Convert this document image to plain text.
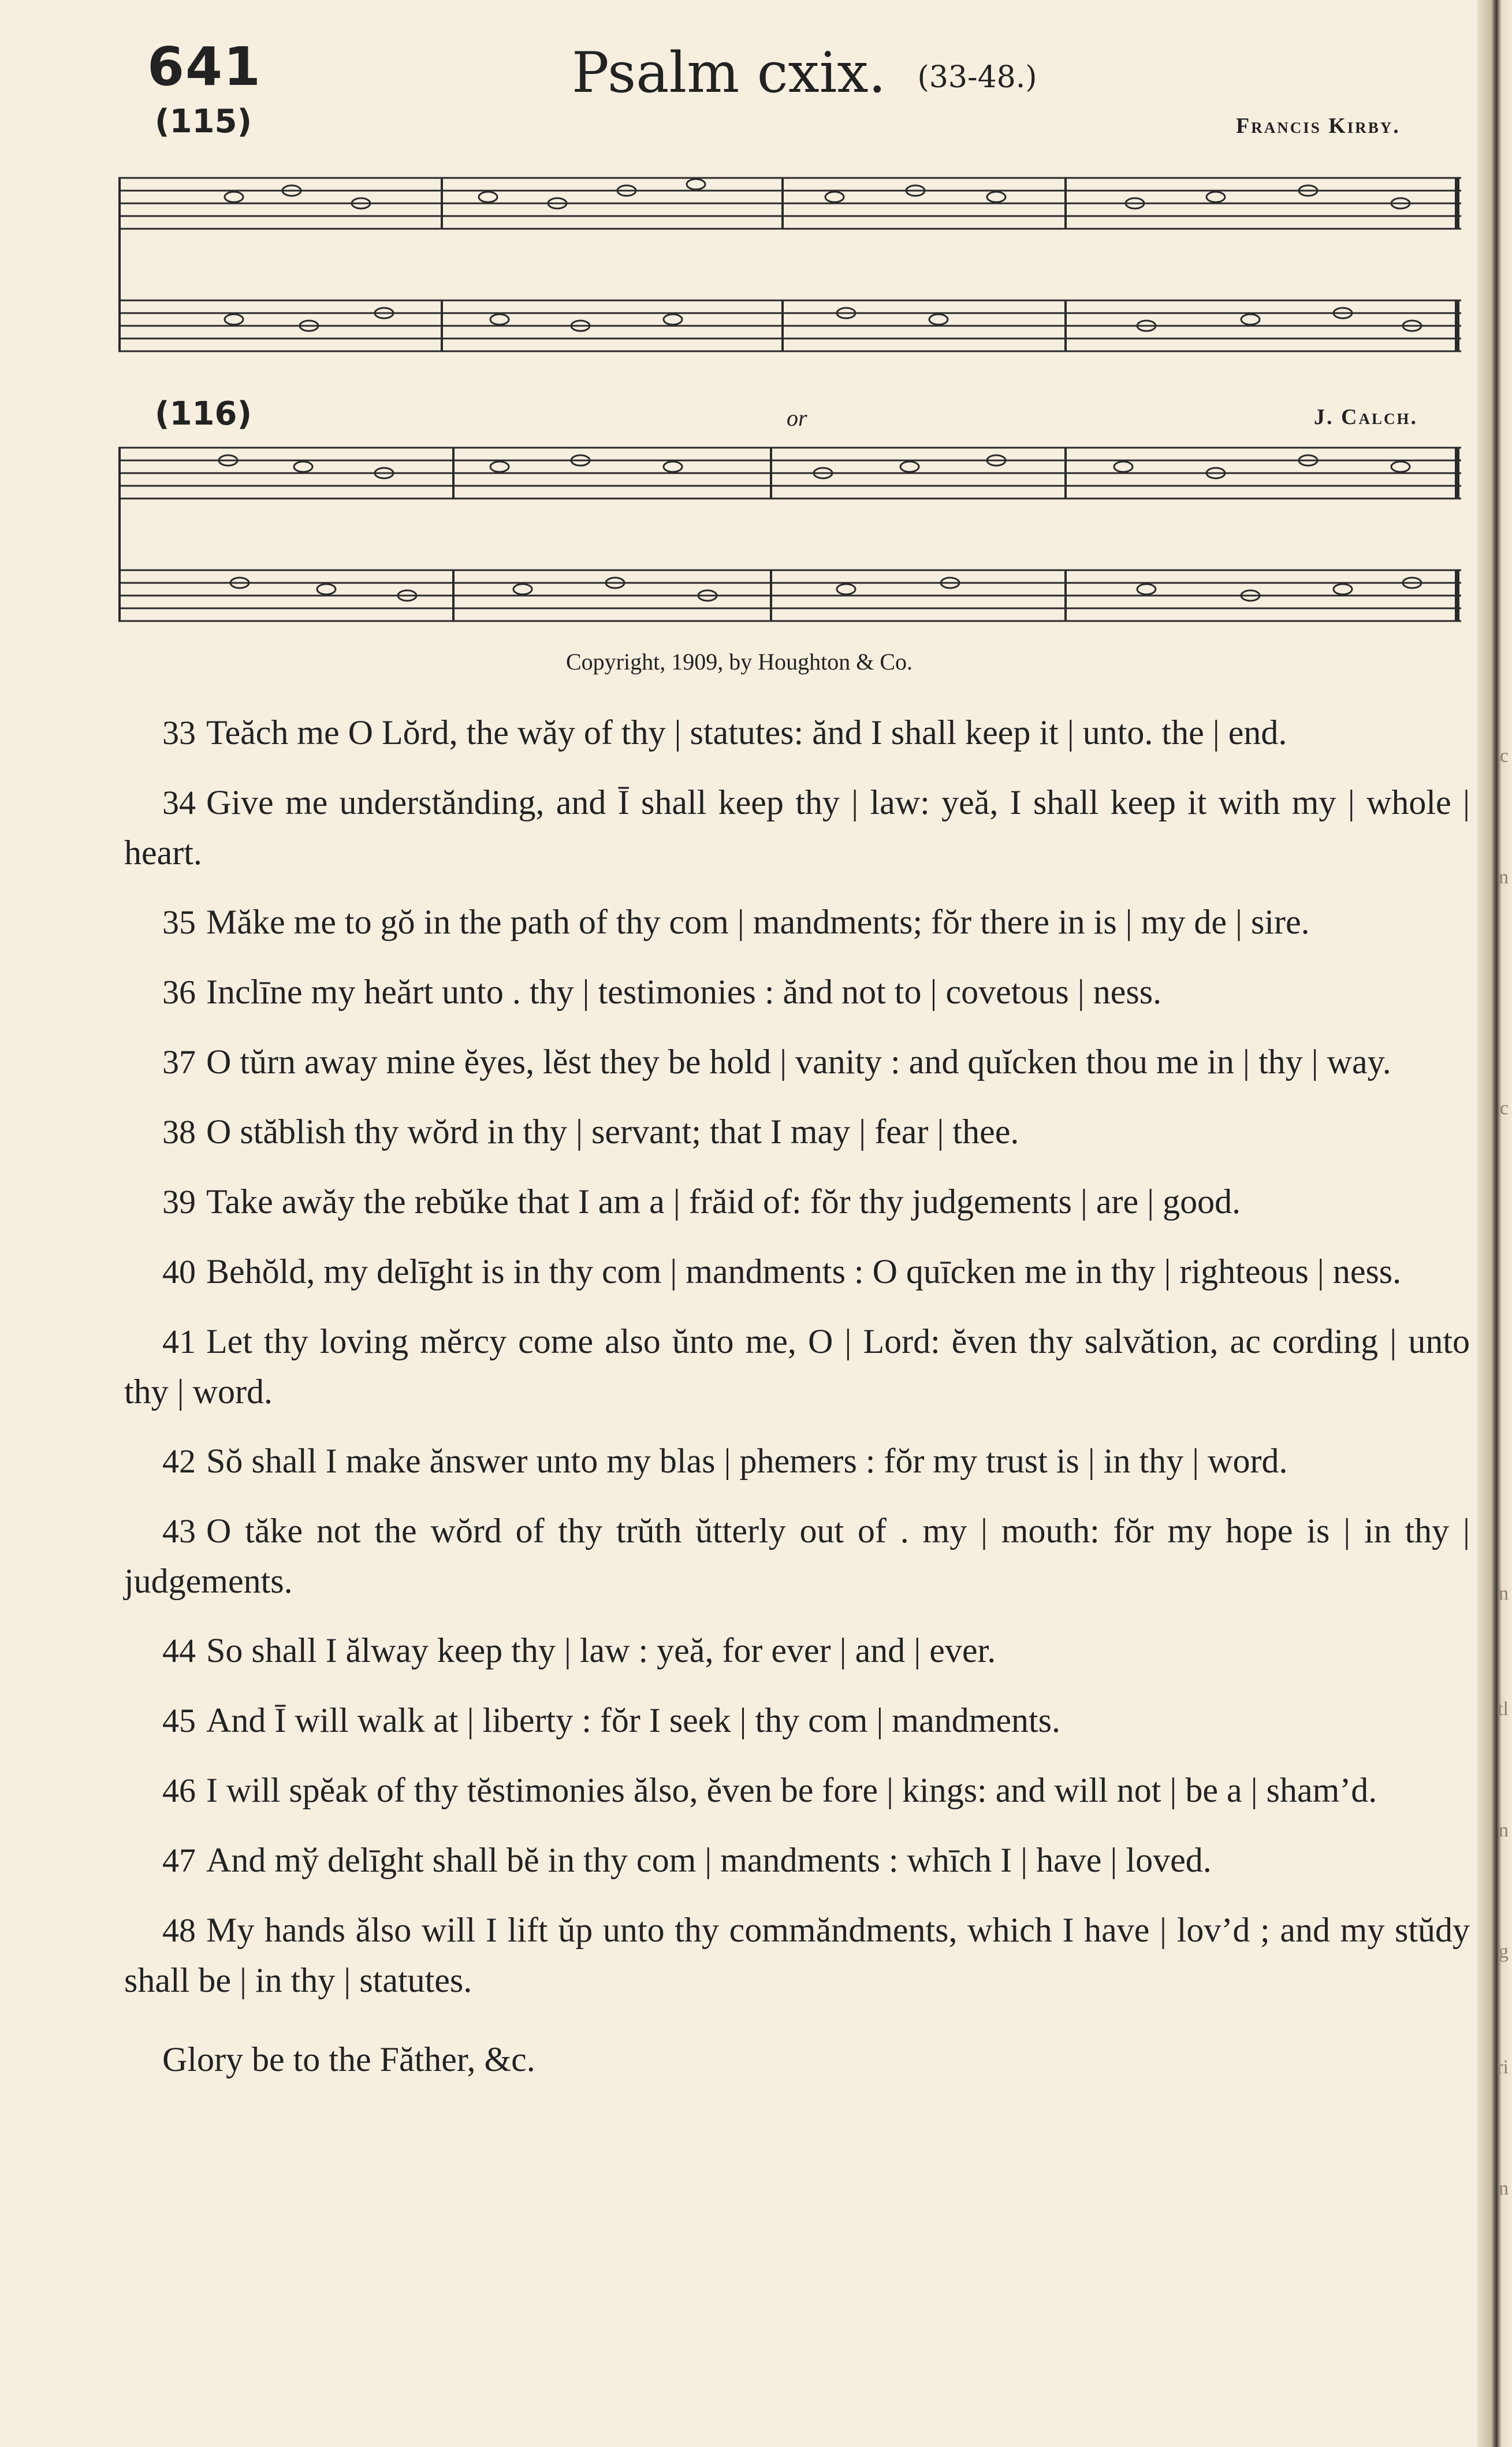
c
n
c
n
tl
n
g
ri
n
641	Psalm cxix. (33-48.)
(115)	Francis Kirby.
(116)	or	J. Calch.
Copyright, 1909, by Houghton & Co.

33 Teăch me O Lŏrd, the wăy of thy | statutes: ănd I shall keep it | unto. the | end.

34 Give me understănding, and Ī shall keep thy | law: yeă, I shall keep it with my | whole | heart.

35 Măke me to gŏ in the path of thy com | mandments; fŏr there in is | my de | sire.

36 Inclīne my heărt unto . thy | testimonies : ănd not to | covetous | ness.

37 O tŭrn away mine ĕyes, lĕst they be hold | vanity : and quĭcken thou me in | thy | way.

38 O stăblish thy wŏrd in thy | servant; that I may | fear | thee.

39 Take awăy the rebŭke that I am a | frăid of: fŏr thy judgements | are | good.

40 Behŏld, my delīght is in thy com | mandments : O quīcken me in thy | righteous | ness.

41 Let thy loving mĕrcy come also ŭnto me, O | Lord: ĕven thy salvătion, ac cording | unto thy | word.

42 Sŏ shall I make ănswer unto my blas | phemers : fŏr my trust is | in thy | word.

43 O tăke not the wŏrd of thy trŭth ŭtterly out of . my | mouth: fŏr my hope is | in thy | judgements.

44 So shall I ălway keep thy | law : yeă, for ever | and | ever.

45 And Ī will walk at | liberty : fŏr I seek | thy com | mandments.

46 I will spĕak of thy tĕstimonies ălso, ĕven be fore | kings: and will not | be a | sham’d.

47 And mў delīght shall bĕ in thy com | mandments : whīch I | have | loved.

48 My hands ălso will I lift ŭp unto thy commăndments, which I have | lov’d ; and my stŭdy shall be | in thy | statutes.

Glory be to the Făther, &c.
